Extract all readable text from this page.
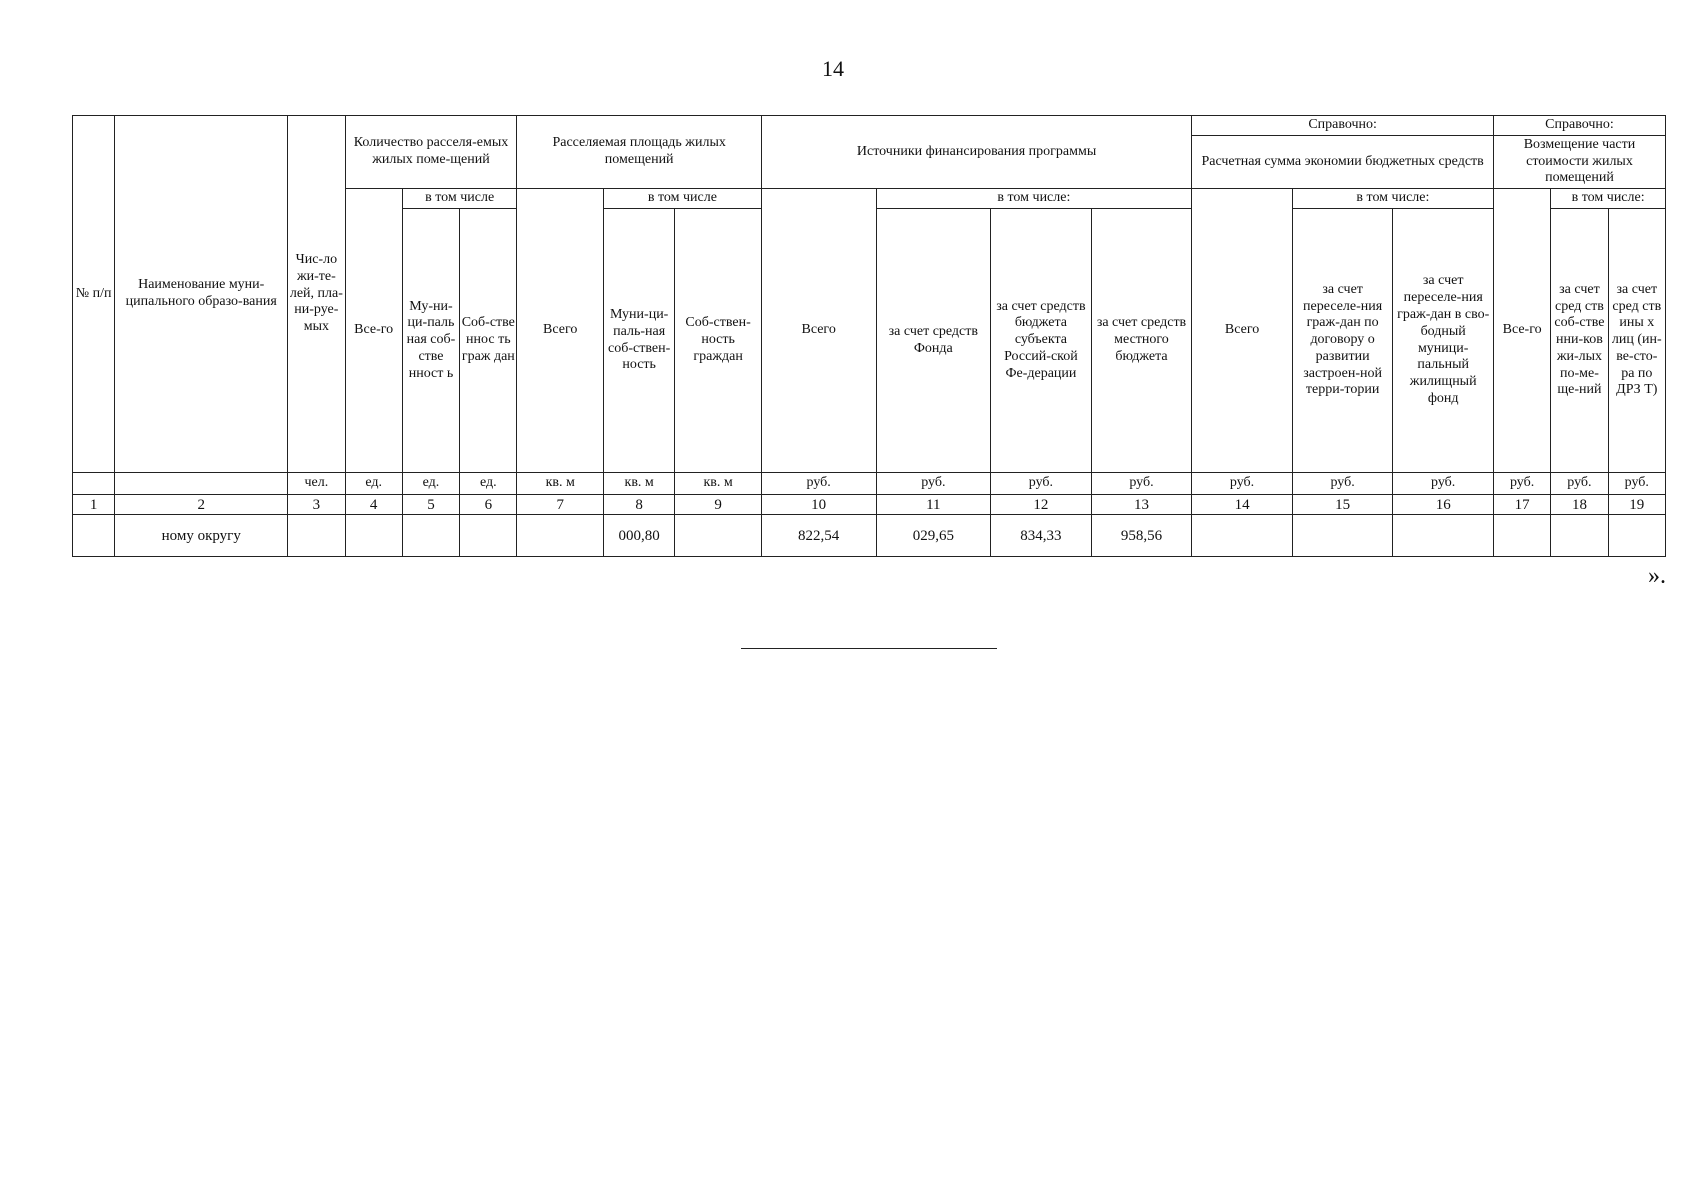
14
№ п/п	Наименование муни-ципального образо-вания	Чис-ло жи-те-лей, пла-ни-руе-мых	Количество расселя-емых жилых поме-щений			Расселяемая площадь жилых помещений			Источники финансирования программы				Справочно:			Справочно:		
													Расчетная сумма экономии бюджетных средств			Возмещение части стоимости жилых помещений		
			Все-го	в том числе		Всего	в том числе		Всего	в том числе:			Всего	в том числе:		Все-го	в том числе:	
				Му-ни-ци-паль ная соб-стве нност ь	Соб-стве ннос ть граж дан		Муни-ци-паль-ная соб-ствен-ность	Соб-ствен-ность граждан		за счет средств Фонда	за счет средств бюджета субъекта Россий-ской Фе-дерации	за счет средств местного бюджета		за счет переселе-ния граж-дан по договору о развитии застроен-ной терри-тории	за счет переселе-ния граж-дан в сво-бодный муници-пальный жилищный фонд		за счет сред ств соб-стве нни-ков жи-лых по-ме-ще-ний	за счет сред ств ины х лиц (ин-ве-сто-ра по ДРЗ Т)
		чел.	ед.	ед.	ед.	кв. м	кв. м	кв. м	руб.	руб.	руб.	руб.	руб.	руб.	руб.	руб.	руб.	руб.
1	2	3	4	5	6	7	8	9	10	11	12	13	14	15	16	17	18	19
	ному округу						000,80		822,54	029,65	834,33	958,56						
».
